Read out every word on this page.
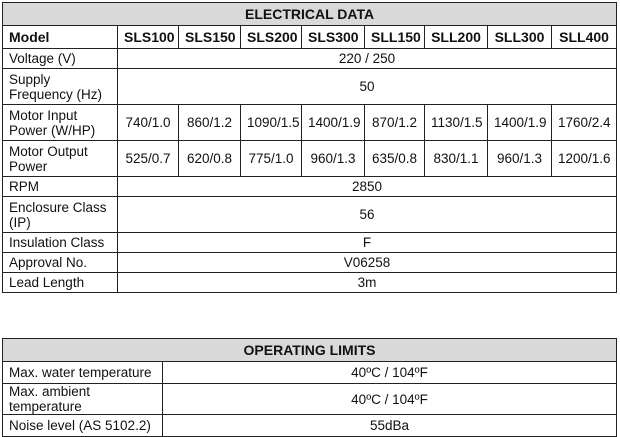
ELECTRICAL DATA								
Model	SLS100	SLS150	SLS200	SLS300	SLL150	SLL200	SLL300	SLL400
Voltage (V)	220 / 250							
Supply Frequency (Hz)	50							
Motor Input Power (W/HP)	740/1.0	860/1.2	1090/1.5	1400/1.9	870/1.2	1130/1.5	1400/1.9	1760/2.4
Motor Output Power	525/0.7	620/0.8	775/1.0	960/1.3	635/0.8	830/1.1	960/1.3	1200/1.6
RPM	2850							
Enclosure Class (IP)	56							
Insulation Class	F							
Approval No.	V06258							
Lead Length	3m							
OPERATING LIMITS	
Max. water temperature	40ºC / 104ºF
Max. ambient temperature	40ºC / 104ºF
Noise level (AS 5102.2)	55dBa
